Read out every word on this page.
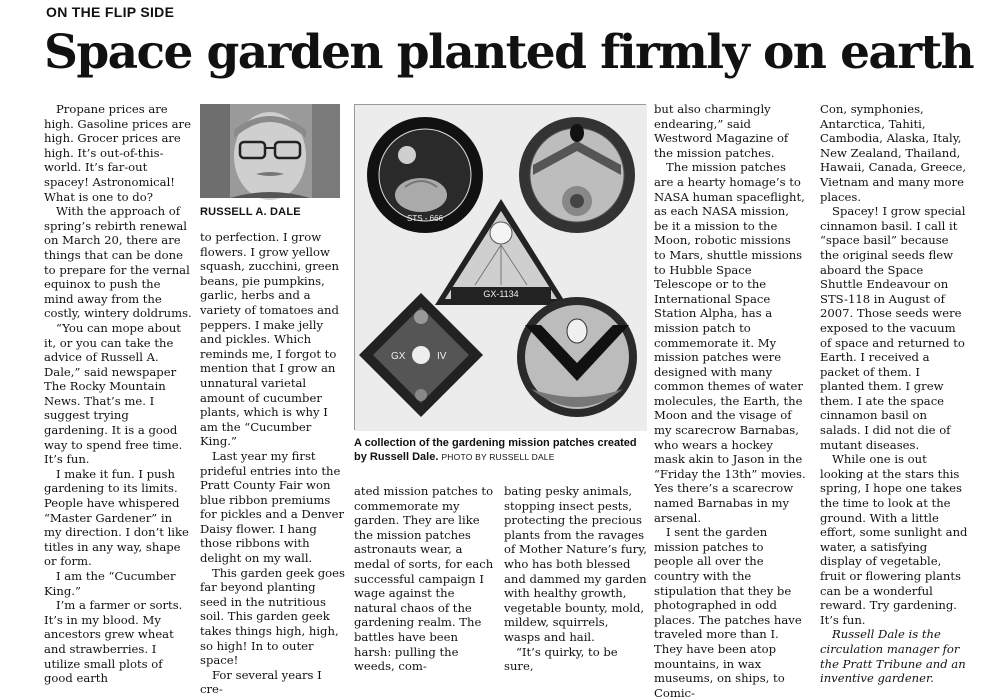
ON THE FLIP SIDE
Space garden planted firmly on earth

Propane prices are high. Gasoline prices are high. Grocer prices are high. It’s out-of-this-world. It’s far-out spacey! Astronomical! What is one to do?

With the approach of spring’s rebirth renewal on March 20, there are things that can be done to prepare for the vernal equinox to push the mind away from the costly, wintery doldrums.

“You can mope about it, or you can take the advice of Russell A. Dale,” said newspaper The Rocky Mountain News. That’s me. I suggest trying gardening. It is a good way to spend free time. It’s fun.

I make it fun. I push gardening to its limits. People have whispered “Master Gardener” in my direction. I don’t like titles in any way, shape or form.

I am the “Cucumber King.”

I’m a farmer or sorts. It’s in my blood. My ancestors grew wheat and strawberries. I utilize small plots of good earth

RUSSELL A. DALE

to perfection. I grow flowers. I grow yellow squash, zucchini, green beans, pie pumpkins, garlic, herbs and a variety of tomatoes and peppers. I make jelly and pickles. Which reminds me, I forgot to mention that I grow an unnatural varietal amount of cucumber plants, which is why I am the “Cucumber King.”

Last year my first prideful entries into the Pratt County Fair won blue ribbon premiums for pickles and a Denver Daisy flower. I hang those ribbons with delight on my wall.

This garden geek goes far beyond planting seed in the nutritious soil. This garden geek takes things high, high, so high! In to outer space!

For several years I cre-

STS - 666
GX-1134
GX	IV
A collection of the gardening mission patches created by Russell Dale. PHOTO BY RUSSELL DALE

ated mission patches to commemorate my garden. They are like the mission patches astronauts wear, a medal of sorts, for each successful campaign I wage against the natural chaos of the gardening realm. The battles have been harsh: pulling the weeds, com-

bating pesky animals, stopping insect pests, protecting the precious plants from the ravages of Mother Nature’s fury, who has both blessed and dammed my garden with healthy growth, vegetable bounty, mold, mildew, squirrels, wasps and hail.

“It’s quirky, to be sure,

but also charmingly endearing,” said Westword Magazine of the mission patches.

The mission patches are a hearty homage’s to NASA human spaceflight, as each NASA mission, be it a mission to the Moon, robotic missions to Mars, shuttle missions to Hubble Space Telescope or to the International Space Station Alpha, has a mission patch to commemorate it. My mission patches were designed with many common themes of water molecules, the Earth, the Moon and the visage of my scarecrow Barnabas, who wears a hockey mask akin to Jason in the “Friday the 13th” movies. Yes there’s a scarecrow named Barnabas in my arsenal.

I sent the garden mission patches to people all over the country with the stipulation that they be photographed in odd places. The patches have traveled more than I. They have been atop mountains, in wax museums, on ships, to Comic-

Con, symphonies, Antarctica, Tahiti, Cambodia, Alaska, Italy, New Zealand, Thailand, Hawaii, Canada, Greece, Vietnam and many more places.

Spacey! I grow special cinnamon basil. I call it “space basil” because the original seeds flew aboard the Space Shuttle Endeavour on STS-118 in August of 2007. Those seeds were exposed to the vacuum of space and returned to Earth. I received a packet of them. I planted them. I grew them. I ate the space cinnamon basil on salads. I did not die of mutant diseases.

While one is out looking at the stars this spring, I hope one takes the time to look at the ground. With a little effort, some sunlight and water, a satisfying display of vegetable, fruit or flowering plants can be a wonderful reward. Try gardening. It’s fun.

Russell Dale is the circulation manager for the Pratt Tribune and an inventive gardener.
